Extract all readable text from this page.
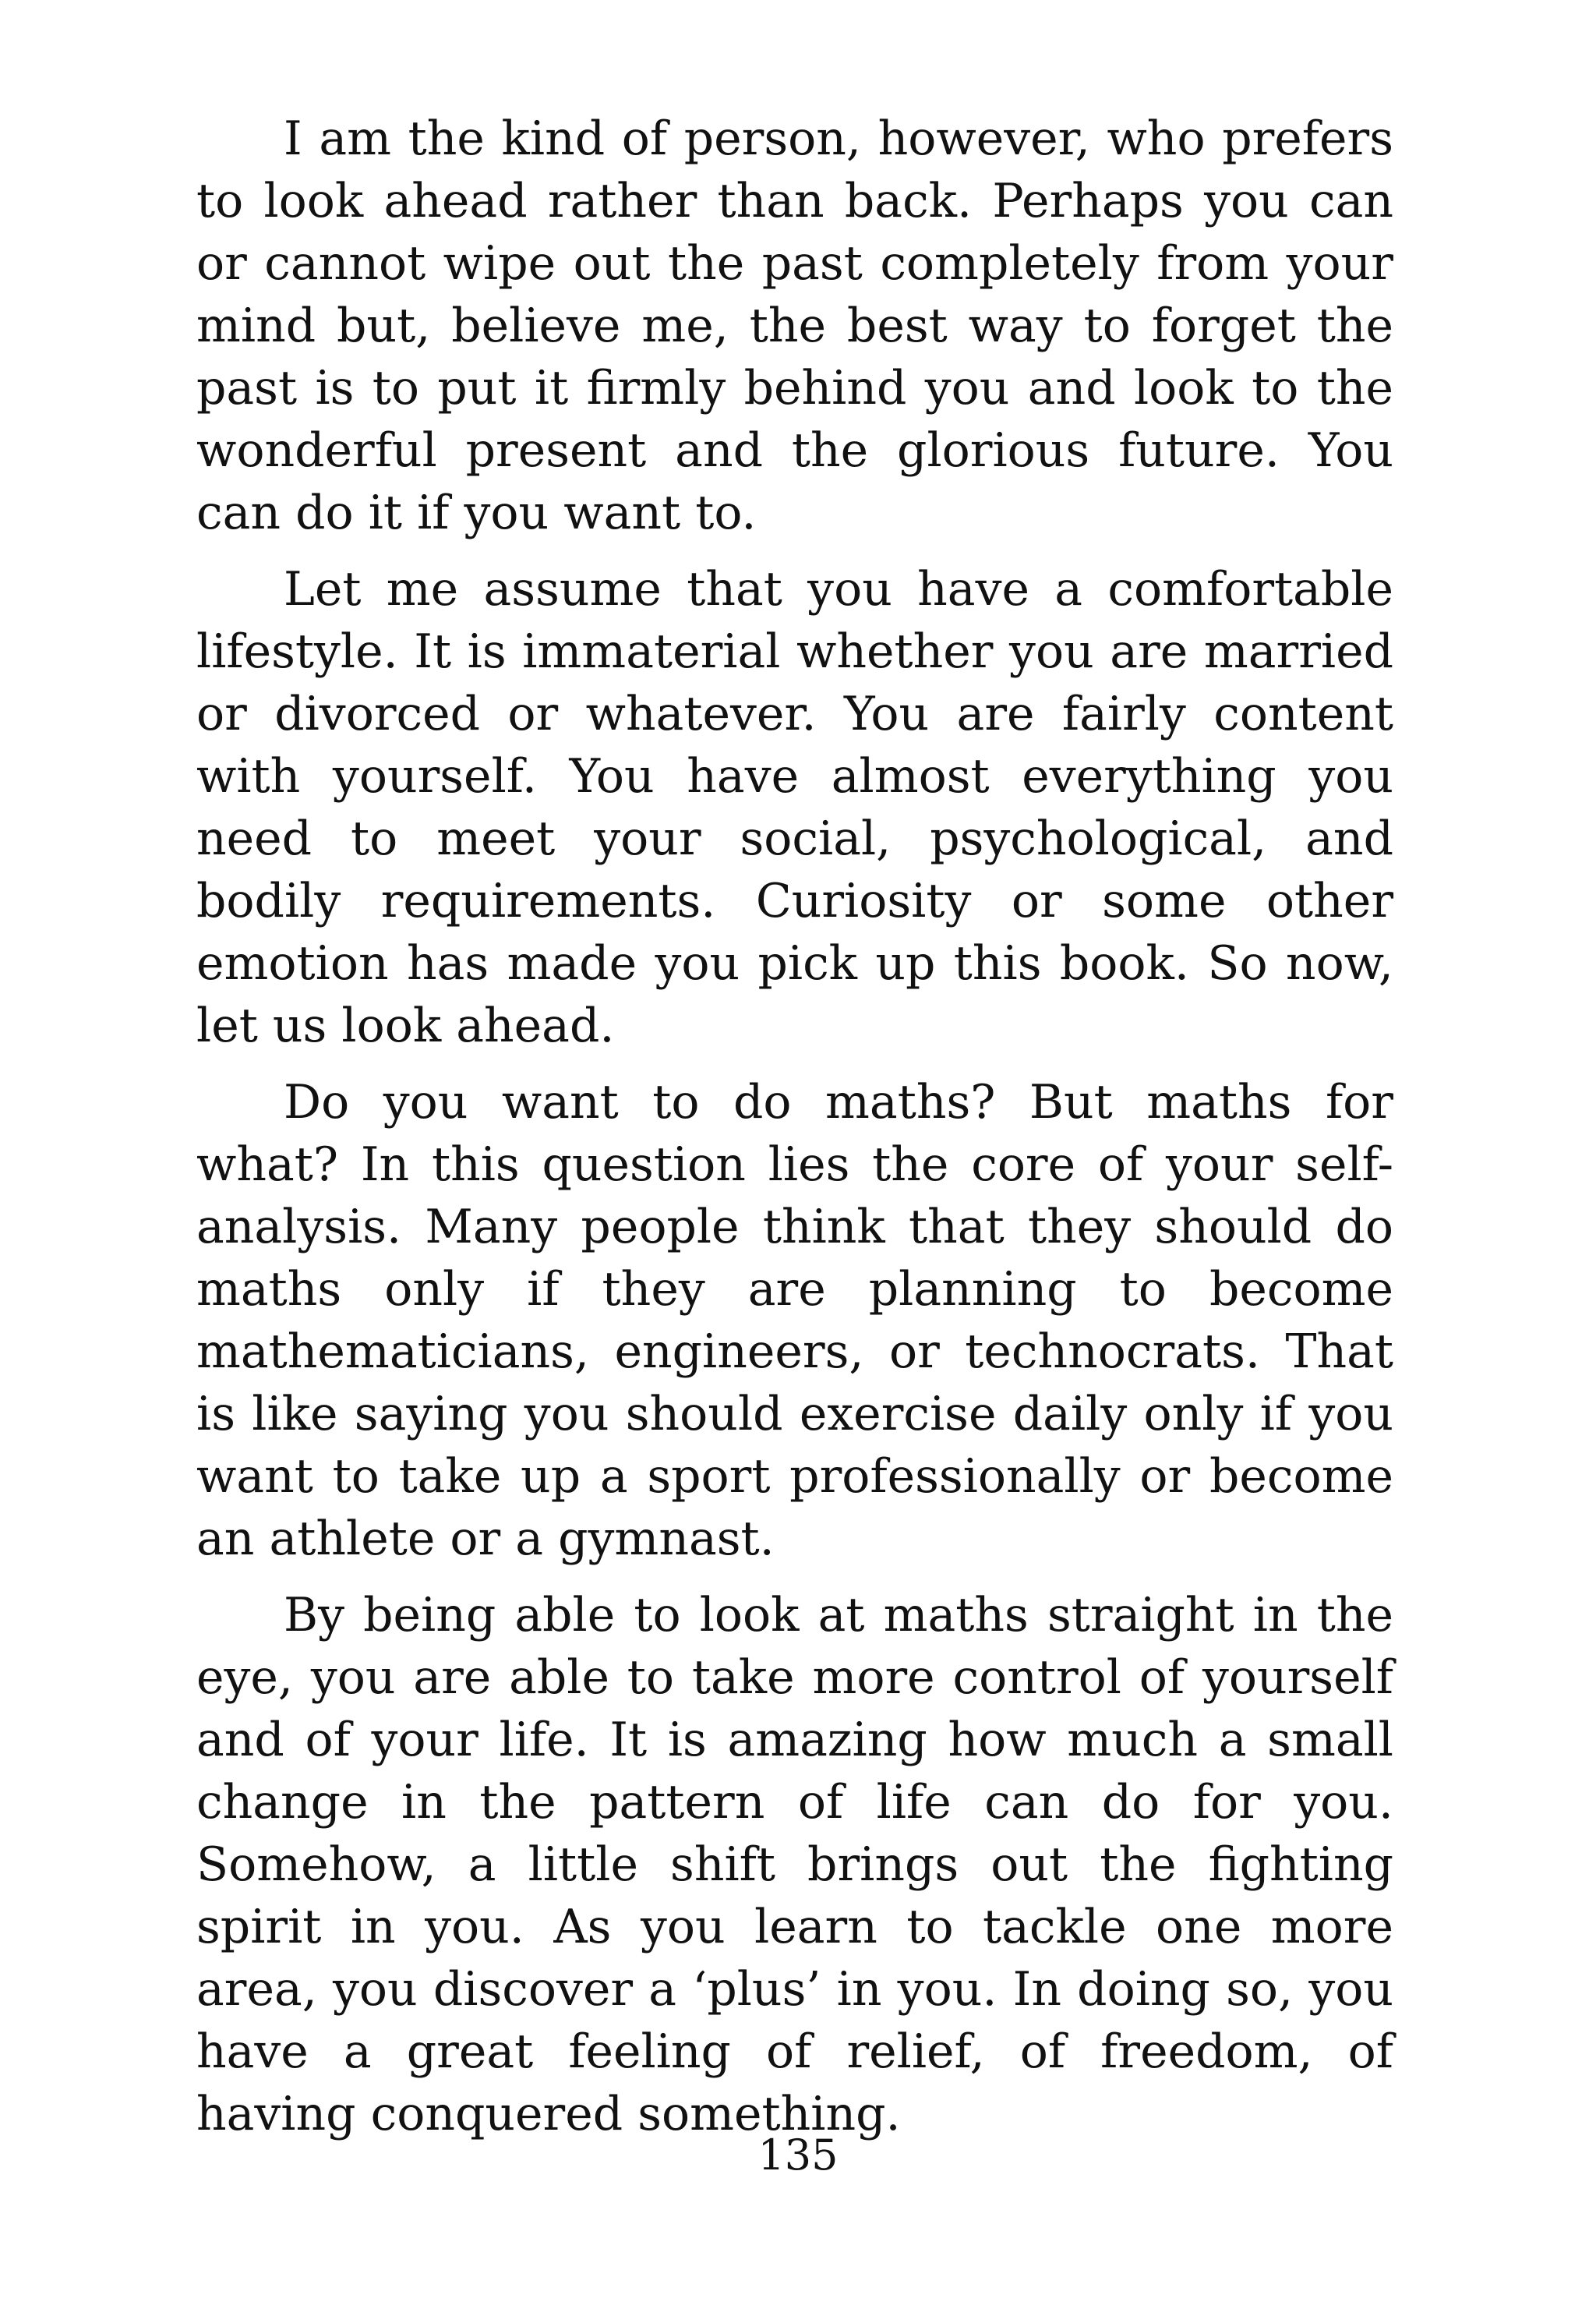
I am the kind of person, however, who prefers to look ahead rather than back. Perhaps you can or cannot wipe out the past completely from your mind but, believe me, the best way to forget the past is to put it firmly behind you and look to the wonderful present and the glorious future. You can do it if you want to.

Let me assume that you have a comfortable lifestyle. It is immaterial whether you are married or divorced or whatever. You are fairly content with yourself. You have almost everything you need to meet your social, psychological, and bodily requirements. Curiosity or some other emotion has made you pick up this book. So now, let us look ahead.

Do you want to do maths? But maths for what? In this question lies the core of your self-analysis. Many people think that they should do maths only if they are planning to become mathematicians, engineers, or technocrats. That is like saying you should exercise daily only if you want to take up a sport professionally or become an athlete or a gymnast.

By being able to look at maths straight in the eye, you are able to take more control of yourself and of your life. It is amazing how much a small change in the pattern of life can do for you. Somehow, a little shift brings out the fighting spirit in you. As you learn to tackle one more area, you discover a ‘plus’ in you. In doing so, you have a great feeling of relief, of freedom, of having conquered something.

135
